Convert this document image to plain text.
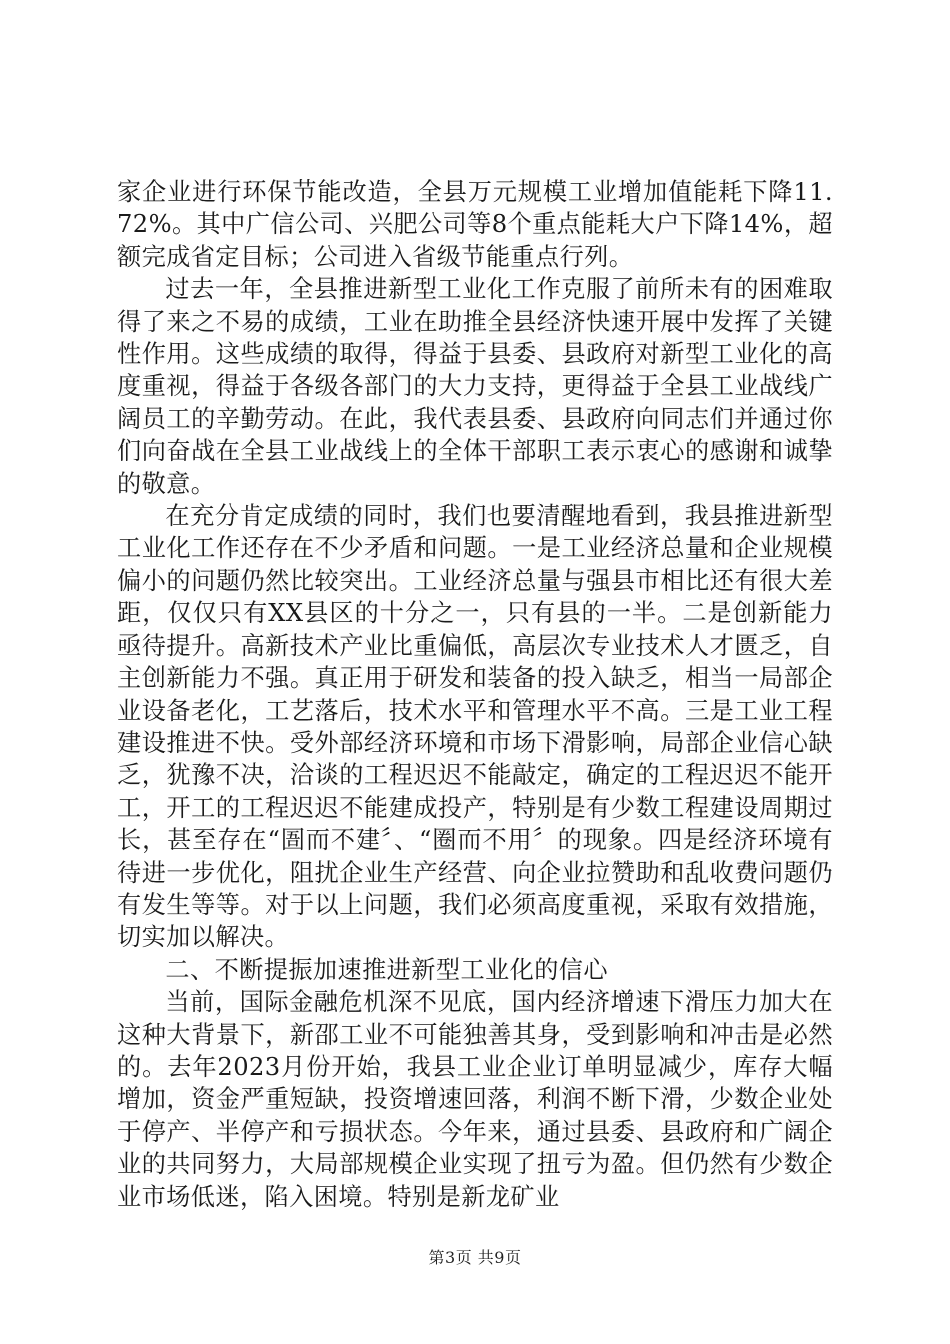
家企业进行环保节能改造，全县万元规模工业增加值能耗下降11.72%。其中广信公司、兴肥公司等8个重点能耗大户下降14%，超额完成省定目标；公司进入省级节能重点行列。

过去一年，全县推进新型工业化工作克服了前所未有的困难取得了来之不易的成绩，工业在助推全县经济快速开展中发挥了关键性作用。这些成绩的取得，得益于县委、县政府对新型工业化的高度重视，得益于各级各部门的大力支持，更得益于全县工业战线广阔员工的辛勤劳动。在此，我代表县委、县政府向同志们并通过你们向奋战在全县工业战线上的全体干部职工表示衷心的感谢和诚挚的敬意。

在充分肯定成绩的同时，我们也要清醒地看到，我县推进新型工业化工作还存在不少矛盾和问题。一是工业经济总量和企业规模偏小的问题仍然比较突出。工业经济总量与强县市相比还有很大差距，仅仅只有XX县区的十分之一，只有县的一半。二是创新能力亟待提升。高新技术产业比重偏低，高层次专业技术人才匮乏，自主创新能力不强。真正用于研发和装备的投入缺乏，相当一局部企业设备老化，工艺落后，技术水平和管理水平不高。三是工业工程建设推进不快。受外部经济环境和市场下滑影响，局部企业信心缺乏，犹豫不决，洽谈的工程迟迟不能敲定，确定的工程迟迟不能开工，开工的工程迟迟不能建成投产，特别是有少数工程建设周期过长，甚至存在“圄而不建〞、“圈而不用〞的现象。四是经济环境有待进一步优化，阻扰企业生产经营、向企业拉赞助和乱收费问题仍有发生等等。对于以上问题，我们必须高度重视，采取有效措施，切实加以解决。

二、不断提振加速推进新型工业化的信心

当前，国际金融危机深不见底，国内经济增速下滑压力加大在这种大背景下，新邵工业不可能独善其身，受到影响和冲击是必然的。去年2023月份开始，我县工业企业订单明显减少，库存大幅增加，资金严重短缺，投资增速回落，利润不断下滑，少数企业处于停产、半停产和亏损状态。今年来，通过县委、县政府和广阔企业的共同努力，大局部规模企业实现了扭亏为盈。但仍然有少数企业市场低迷，陷入困境。特别是新龙矿业

第3页 共9页
